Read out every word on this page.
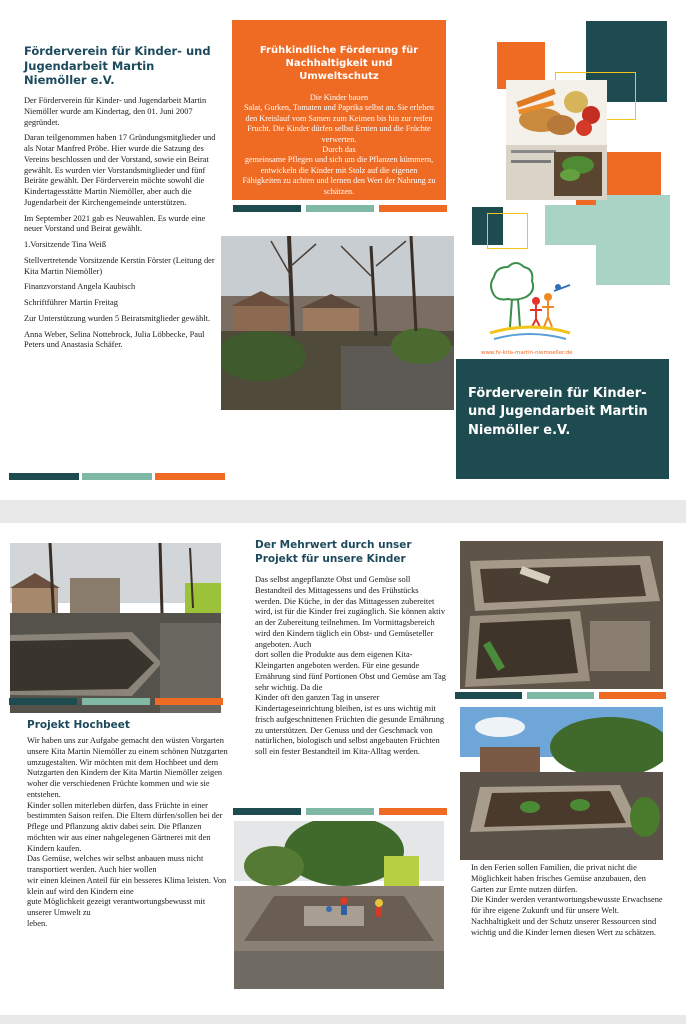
Förderverein für Kinder- und Jugendarbeit Martin Niemöller e.V.

Der Förderverein für Kinder- und Jugendarbeit Martin Niemöller wurde am Kindertag, den 01. Juni 2007 gegründet.

Daran teilgenommen haben 17 Gründungsmitglieder und als Notar Manfred Pröbe. Hier wurde die Satzung des Vereins beschlossen und der Vorstand, sowie ein Beirat gewählt. Es wurden vier Vorstandsmitglieder und fünf Beiräte gewählt. Der Förderverein möchte sowohl die Kindertagesstätte Martin Niemöller, aber auch die Jugendarbeit der Kirchengemeinde unterstützen.

Im September 2021 gab es Neuwahlen. Es wurde eine neuer Vorstand und Beirat gewählt.

1.Vorsitzende Tina Weiß

Stellvertretende Vorsitzende Kerstin Förster (Leitung der Kita Martin Niemöller)

Finanzvorstand Angela Kaubisch

Schriftführer Martin Freitag

Zur Unterstützung wurden 5 Beiratsmitglieder gewählt.

Anna Weber, Selina Nottebrock, Julia Löbbecke, Paul Peters und Anastasia Schäfer.

Frühkindliche Förderung für Nachhaltigkeit und Umweltschutz
Die Kinder bauen
Salat, Gurken, Tomaten und Paprika selbst an. Sie erleben den Kreislauf vom Samen zum Keimen bis hin zur reifen Frucht. Die Kinder dürfen selbst Ernten und die Früchte verwerten.
Durch das
gemeinsame Pflegen und sich um die Pflanzen kümmern, entwickeln die Kinder mit Stolz auf die eigenen Fähigkeiten zu achten und lernen den Wert der Nahrung zu schätzen.
www.fv-kita-martin-niemoeller.de
Förderverein für Kinder- und Jugendarbeit Martin Niemöller e.V.
Projekt Hochbeet
Wir haben uns zur Aufgabe gemacht den wüsten Vorgarten unsere Kita Martin Niemöller zu einem schönen Nutzgarten umzugestalten. Wir möchten mit dem Hochbeet und dem Nutzgarten den Kindern der Kita Martin Niemöller zeigen woher die verschiedenen Früchte kommen und wie sie entstehen.
Kinder sollen miterleben dürfen, dass Früchte in einer bestimmten Saison reifen. Die Eltern dürfen/sollen bei der Pflege und Pflanzung aktiv dabei sein. Die Pflanzen möchten wir aus einer nahgelegenen Gärtnerei mit den Kindern kaufen.
Das Gemüse, welches wir selbst anbauen muss nicht transportiert werden. Auch hier wollen
wir einen kleinen Anteil für ein besseres Klima leisten. Von klein auf wird den Kindern eine
gute Möglichkeit gezeigt verantwortungsbewusst mit unserer Umwelt zu
leben.
Der Mehrwert durch unser Projekt für unsere Kinder
Das selbst angepflanzte Obst und Gemüse soll Bestandteil des Mittagessens und des Frühstücks werden. Die Küche, in der das Mittagessen zubereitet wird, ist für die Kinder frei zugänglich. Sie können aktiv an der Zubereitung teilnehmen. Im Vormittagsbereich wird den Kindern täglich ein Obst- und Gemüseteller angeboten. Auch
dort sollen die Produkte aus dem eigenen Kita-Kleingarten angeboten werden. Für eine gesunde Ernährung sind fünf Portionen Obst und Gemüse am Tag sehr wichtig. Da die
Kinder oft den ganzen Tag in unserer Kindertageseinrichtung bleiben, ist es uns wichtig mit
frisch aufgeschnittenen Früchten die gesunde Ernährung zu unterstützen. Der Genuss und der Geschmack von natürlichen, biologisch und selbst angebauten Früchten soll ein fester Bestandteil im Kita-Alltag werden.
In den Ferien sollen Familien, die privat nicht die Möglichkeit haben frisches Gemüse anzubauen, den Garten zur Ernte nutzen dürfen.
Die Kinder werden verantwortungsbewusste Erwachsene für ihre eigene Zukunft und für unsere Welt. Nachhaltigkeit und der Schutz unserer Ressourcen sind wichtig und die Kinder lernen diesen Wert zu schätzen.
